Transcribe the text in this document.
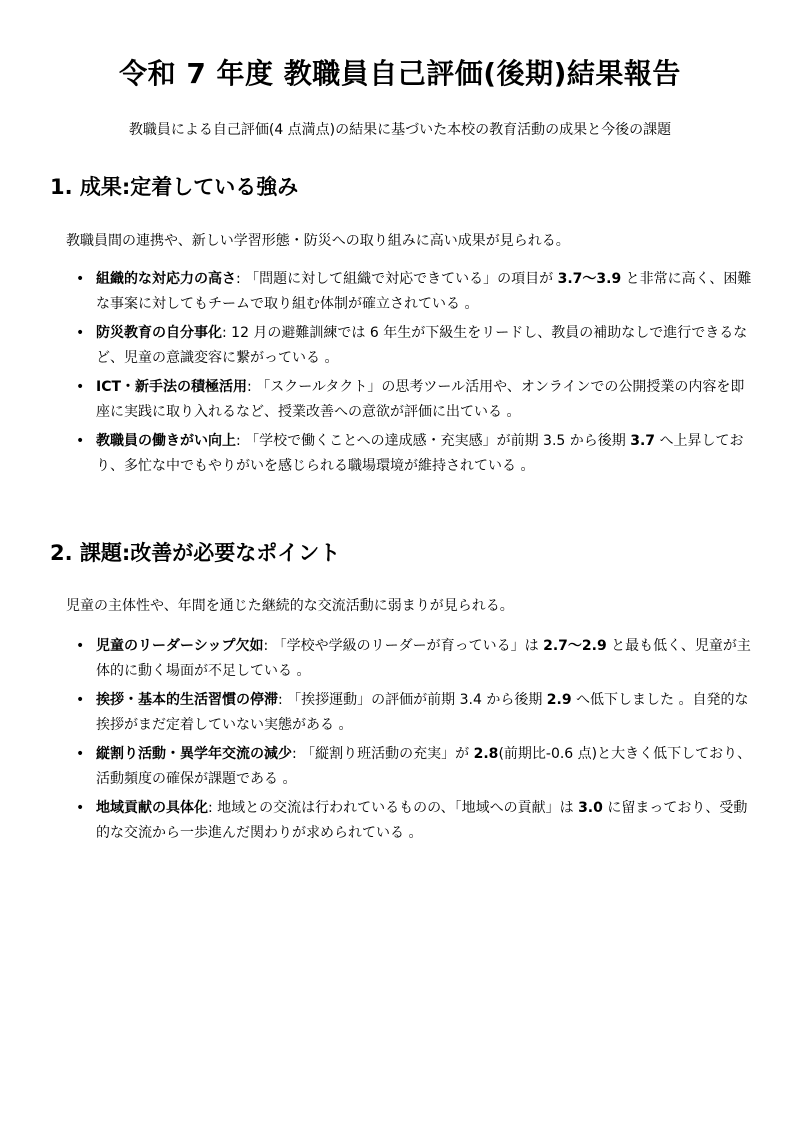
令和 7 年度 教職員自己評価(後期)結果報告

教職員による自己評価(4 点満点)の結果に基づいた本校の教育活動の成果と今後の課題

1. 成果:定着している強み

教職員間の連携や、新しい学習形態・防災への取り組みに高い成果が見られる。

• 組織的な対応力の高さ: 「問題に対して組織で対応できている」の項目が 3.7〜3.9 と非常に高く、困難な事案に対してもチームで取り組む体制が確立されている 。
• 防災教育の自分事化: 12 月の避難訓練では 6 年生が下級生をリードし、教員の補助なしで進行できるなど、児童の意識変容に繋がっている 。
• ICT・新手法の積極活用: 「スクールタクト」の思考ツール活用や、オンラインでの公開授業の内容を即座に実践に取り入れるなど、授業改善への意欲が評価に出ている 。
• 教職員の働きがい向上: 「学校で働くことへの達成感・充実感」が前期 3.5 から後期 3.7 へ上昇しており、多忙な中でもやりがいを感じられる職場環境が維持されている 。
2. 課題:改善が必要なポイント

児童の主体性や、年間を通じた継続的な交流活動に弱まりが見られる。

• 児童のリーダーシップ欠如: 「学校や学級のリーダーが育っている」は 2.7〜2.9 と最も低く、児童が主体的に動く場面が不足している 。
• 挨拶・基本的生活習慣の停滞: 「挨拶運動」の評価が前期 3.4 から後期 2.9 へ低下しました 。自発的な挨拶がまだ定着していない実態がある 。
• 縦割り活動・異学年交流の減少: 「縦割り班活動の充実」が 2.8(前期比-0.6 点)と大きく低下しており、活動頻度の確保が課題である 。
• 地域貢献の具体化: 地域との交流は行われているものの、「地域への貢献」は 3.0 に留まっており、受動的な交流から一歩進んだ関わりが求められている 。
